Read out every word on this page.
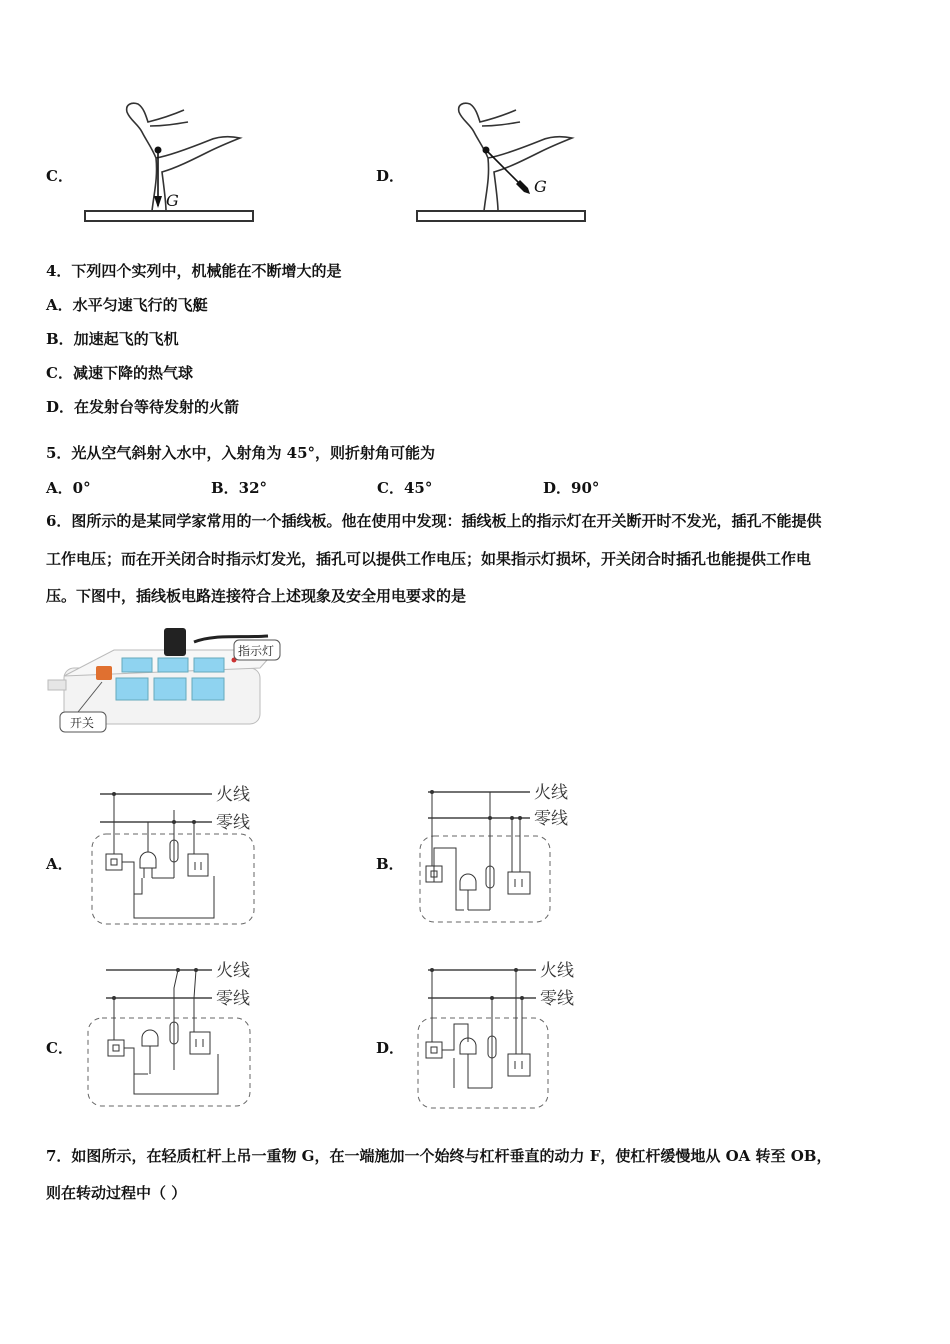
C．
G
D．
G
4．下列四个实列中，机械能在不断增大的是
A．水平匀速飞行的飞艇
B．加速起飞的飞机
C．减速下降的热气球
D．在发射台等待发射的火箭
5．光从空气斜射入水中，入射角为 45°，则折射角可能为
A．0°	B．32°	C．45°	D．90°
6．图所示的是某同学家常用的一个插线板。他在使用中发现：插线板上的指示灯在开关断开时不发光，插孔不能提供
工作电压；而在开关闭合时指示灯发光，插孔可以提供工作电压；如果指示灯损坏，开关闭合时插孔也能提供工作电
压。下图中，插线板电路连接符合上述现象及安全用电要求的是
指示灯
开关
A．	B．
C．	D．
火线
零线
火线
零线
火线
零线
火线
零线
7．如图所示，在轻质杠杆上吊一重物 G，在一端施加一个始终与杠杆垂直的动力 F，使杠杆缓慢地从 OA 转至 OB，
则在转动过程中（ ）
